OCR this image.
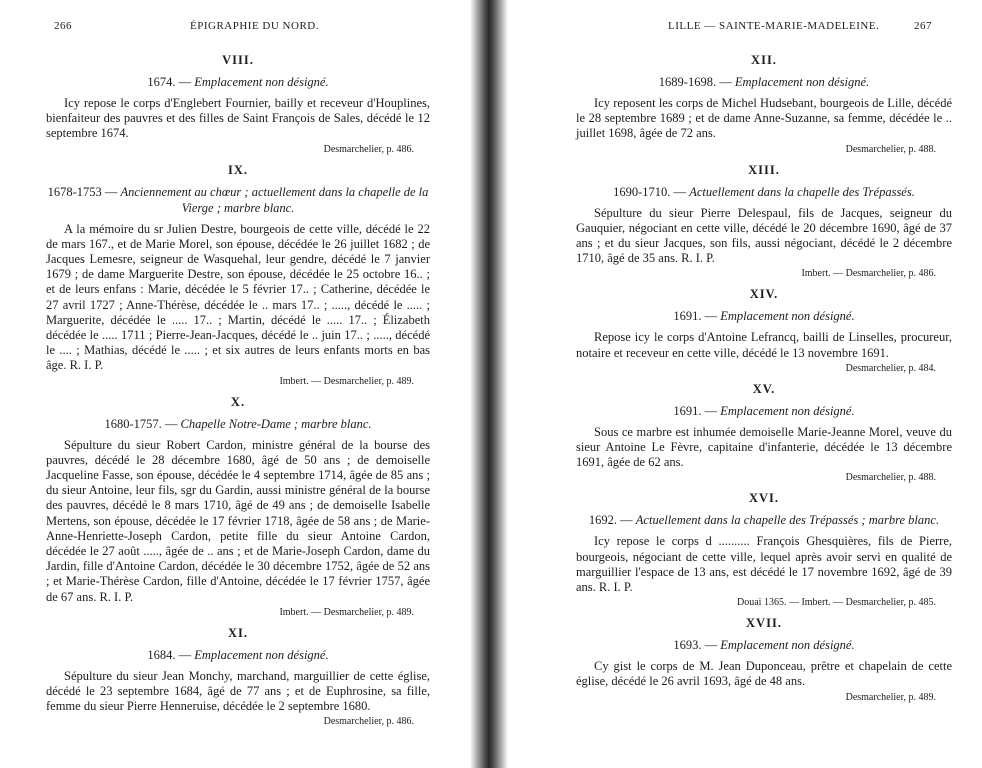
266	ÉPIGRAPHIE DU NORD.
VIII.
1674. — Emplacement non désigné.

Icy repose le corps d'Englebert Fournier, bailly et receveur d'Houplines, bienfaiteur des pauvres et des filles de Saint François de Sales, décédé le 12 septembre 1674.

Desmarchelier, p. 486.
IX.
1678-1753 — Anciennement au chœur ; actuellement dans la chapelle de la Vierge ; marbre blanc.

A la mémoire du sr Julien Destre, bourgeois de cette ville, décédé le 22 de mars 167., et de Marie Morel, son épouse, décédée le 26 juillet 1682 ; de Jacques Lemesre, seigneur de Wasquehal, leur gendre, décédé le 7 janvier 1679 ; de dame Marguerite Destre, son épouse, décédée le 25 octobre 16.. ; et de leurs enfans : Marie, décédée le 5 février 17.. ; Catherine, décédée le 27 avril 1727 ; Anne-Thérèse, décédée le .. mars 17.. ; ....., décédé le ..... ; Marguerite, décédée le ..... 17.. ; Martin, décédé le ..... 17.. ; Élizabeth décédée le ..... 1711 ; Pierre-Jean-Jacques, décédé le .. juin 17.. ; ....., décédé le .... ; Mathias, décédé le ..... ; et six autres de leurs enfants morts en bas âge. R. I. P.

Imbert. — Desmarchelier, p. 489.
X.
1680-1757. — Chapelle Notre-Dame ; marbre blanc.

Sépulture du sieur Robert Cardon, ministre général de la bourse des pauvres, décédé le 28 décembre 1680, âgé de 50 ans ; de demoiselle Jacqueline Fasse, son épouse, décédée le 4 septembre 1714, âgée de 85 ans ; du sieur Antoine, leur fils, sgr du Gardin, aussi ministre général de la bourse des pauvres, décédé le 8 mars 1710, âgé de 49 ans ; de demoiselle Isabelle Mertens, son épouse, décédée le 17 février 1718, âgée de 58 ans ; de Marie-Anne-Henriette-Joseph Cardon, petite fille du sieur Antoine Cardon, décédée le 27 août ....., âgée de .. ans ; et de Marie-Joseph Cardon, dame du Jardin, fille d'Antoine Cardon, décédée le 30 décembre 1752, âgée de 52 ans ; et Marie-Thérèse Cardon, fille d'Antoine, décédée le 17 février 1757, âgée de 67 ans. R. I. P.

Imbert. — Desmarchelier, p. 489.
XI.
1684. — Emplacement non désigné.

Sépulture du sieur Jean Monchy, marchand, marguillier de cette église, décédé le 23 septembre 1684, âgé de 77 ans ; et de Euphrosine, sa fille, femme du sieur Pierre Henneruise, décédée le 2 septembre 1680.

Desmarchelier, p. 486.
LILLE — SAINTE-MARIE-MADELEINE.	267
XII.
1689-1698. — Emplacement non désigné.

Icy reposent les corps de Michel Hudsebant, bourgeois de Lille, décédé le 28 septembre 1689 ; et de dame Anne-Suzanne, sa femme, décédée le .. juillet 1698, âgée de 72 ans.

Desmarchelier, p. 488.
XIII.
1690-1710. — Actuellement dans la chapelle des Trépassés.

Sépulture du sieur Pierre Delespaul, fils de Jacques, seigneur du Gauquier, négociant en cette ville, décédé le 20 décembre 1690, âgé de 37 ans ; et du sieur Jacques, son fils, aussi négociant, décédé le 2 décembre 1710, âgé de 35 ans. R. I. P.

Imbert. — Desmarchelier, p. 486.
XIV.
1691. — Emplacement non désigné.

Repose icy le corps d'Antoine Lefrancq, bailli de Linselles, procureur, notaire et receveur en cette ville, décédé le 13 novembre 1691.

Desmarchelier, p. 484.
XV.
1691. — Emplacement non désigné.

Sous ce marbre est inhumée demoiselle Marie-Jeanne Morel, veuve du sieur Antoine Le Fèvre, capitaine d'infanterie, décédée le 13 décembre 1691, âgée de 62 ans.

Desmarchelier, p. 488.
XVI.
1692. — Actuellement dans la chapelle des Trépassés ; marbre blanc.

Icy repose le corps d .......... François Ghesquières, fils de Pierre, bourgeois, négociant de cette ville, lequel après avoir servi en qualité de marguillier l'espace de 13 ans, est décédé le 17 novembre 1692, âgé de 39 ans. R. I. P.

Douai 1365. — Imbert. — Desmarchelier, p. 485.
XVII.
1693. — Emplacement non désigné.

Cy gist le corps de M. Jean Duponceau, prêtre et chapelain de cette église, décédé le 26 avril 1693, âgé de 48 ans.

Desmarchelier, p. 489.
